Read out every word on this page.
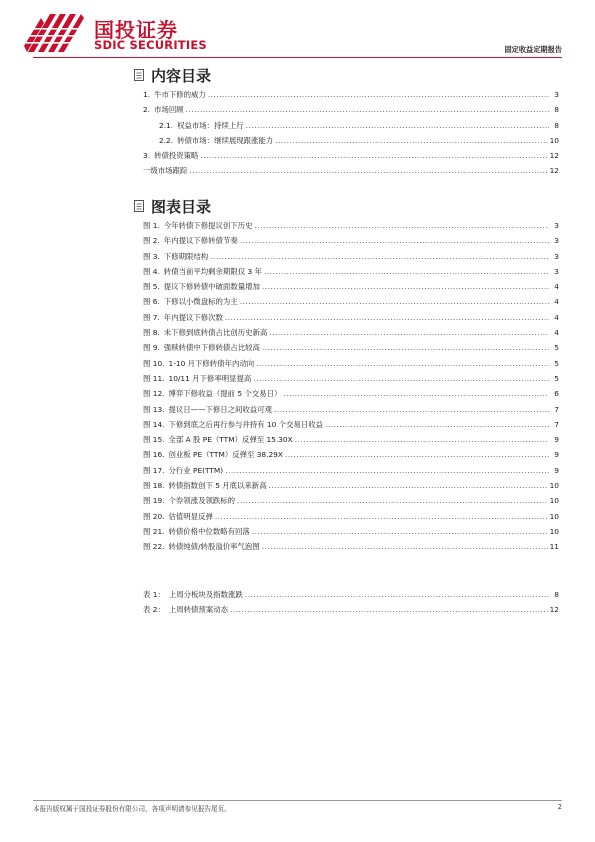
国投证券
SDIC SECURITIES	固定收益定期报告
内容目录
1. 牛市下修的威力 .....	3
2. 市场回顾 .....	8
2.1. 权益市场：持续上行 .....	8
2.2. 转债市场：继续展现跟涨能力 .....	10
3. 转债投资策略 .....	12
一级市场跟踪 .....	12
图表目录
图 1. 今年转债下修提议创下历史 .....	3
图 2. 年内提议下修转债节奏 .....	3
图 3. 下修期限结构 .....	3
图 4. 转债当前平均剩余期限仅 3 年 .....	3
图 5. 提议下修转债中破面数量增加 .....	4
图 6. 下修以小微盘标的为主 .....	4
图 7. 年内提议下修次数 .....	4
图 8. 未下修到底转债占比创历史新高 .....	4
图 9. 强赎转债中下修转债占比较高 .....	5
图 10. 1-10 月下修转债年内动向 .....	5
图 11. 10/11 月下修率明显提高 .....	5
图 12. 博弈下修收益（提前 5 个交易日） .....	6
图 13. 提议日——下修日之间收益可观 .....	7
图 14. 下修到底之后再行参与并持有 10 个交易日收益 .....	7
图 15. 全部 A 股 PE（TTM）反弹至 15.30X .....	9
图 16. 创业板 PE（TTM）反弹至 38.29X .....	9
图 17. 分行业 PE(TTM) .....	9
图 18. 转债指数创下 5 月底以来新高 .....	10
图 19. 个券领涨及领跌标的 .....	10
图 20. 估值明显反弹 .....	10
图 21. 转债价格中位数略有回落 .....	10
图 22. 转债纯债/转股溢价率气泡图 .....	11
表 1： 上周分板块及指数涨跌 .....	8
表 2： 上周转债预案动态 .....	12
本报告版权属于国投证券股份有限公司，各项声明请参见报告尾页。	2
